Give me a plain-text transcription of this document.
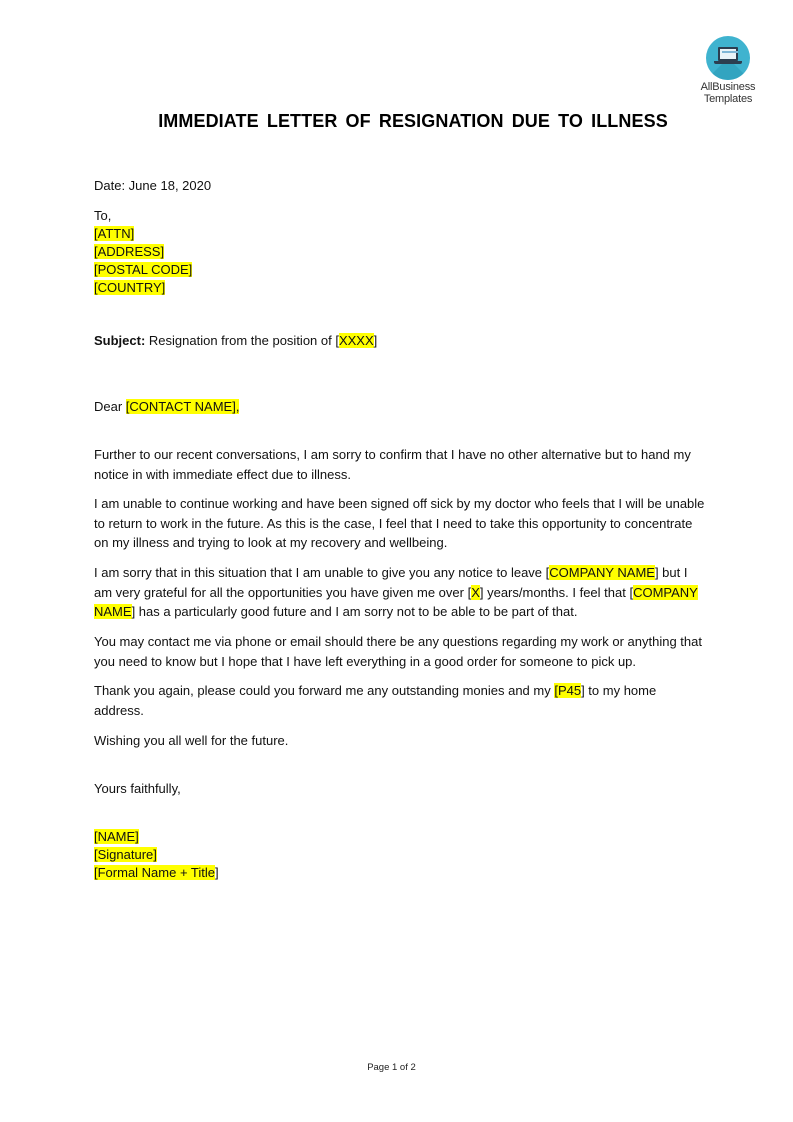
AllBusiness
Templates
IMMEDIATE LETTER OF RESIGNATION DUE TO ILLNESS
Date: June 18, 2020
To,
[ATTN]
[ADDRESS]
[POSTAL CODE]
[COUNTRY]
Subject: Resignation from the position of [XXXX]
Dear [CONTACT NAME],
Further to our recent conversations, I am sorry to confirm that I have no other alternative but to hand my notice in with immediate effect due to illness.
I am unable to continue working and have been signed off sick by my doctor who feels that I will be unable to return to work in the future. As this is the case, I feel that I need to take this opportunity to concentrate on my illness and trying to look at my recovery and wellbeing.
I am sorry that in this situation that I am unable to give you any notice to leave [COMPANY NAME] but I am very grateful for all the opportunities you have given me over [X] years/months. I feel that [COMPANY NAME] has a particularly good future and I am sorry not to be able to be part of that.
You may contact me via phone or email should there be any questions regarding my work or anything that you need to know but I hope that I have left everything in a good order for someone to pick up.
Thank you again, please could you forward me any outstanding monies and my [P45] to my home address.
Wishing you all well for the future.
Yours faithfully,
[NAME]
[Signature]
[Formal Name + Title]
Page 1 of 2
